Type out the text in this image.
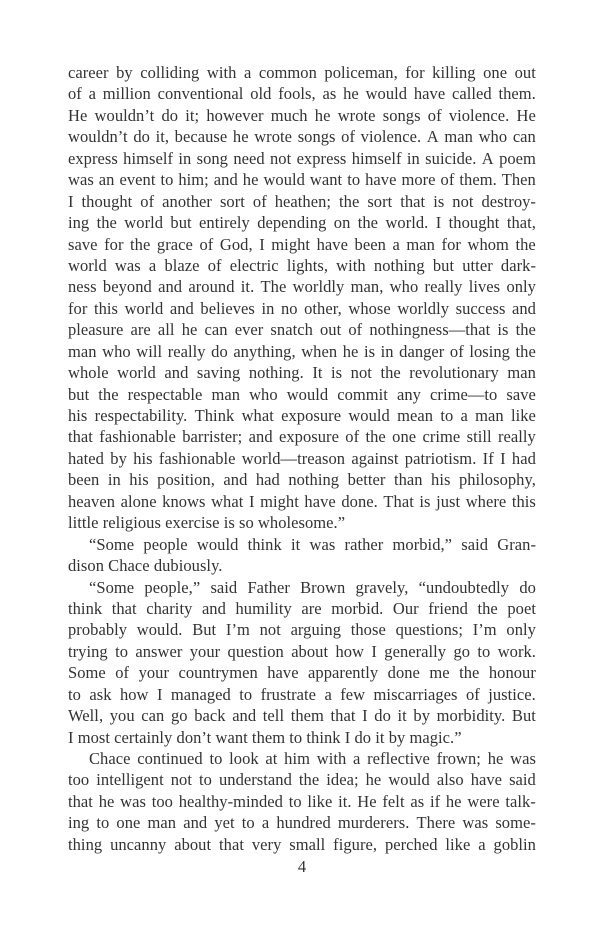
career by colliding with a common policeman, for killing one out
of a million conventional old fools, as he would have called them.
He wouldn’t do it; however much he wrote songs of violence. He
wouldn’t do it, because he wrote songs of violence. A man who can
express himself in song need not express himself in suicide. A poem
was an event to him; and he would want to have more of them. Then
I thought of another sort of heathen; the sort that is not destroy-
ing the world but entirely depending on the world. I thought that,
save for the grace of God, I might have been a man for whom the
world was a blaze of electric lights, with nothing but utter dark-
ness beyond and around it. The worldly man, who really lives only
for this world and believes in no other, whose worldly success and
pleasure are all he can ever snatch out of nothingness—that is the
man who will really do anything, when he is in danger of losing the
whole world and saving nothing. It is not the revolutionary man
but the respectable man who would commit any crime—to save
his respectability. Think what exposure would mean to a man like
that fashionable barrister; and exposure of the one crime still really
hated by his fashionable world—treason against patriotism. If I had
been in his position, and had nothing better than his philosophy,
heaven alone knows what I might have done. That is just where this
little religious exercise is so wholesome.”
“Some people would think it was rather morbid,” said Gran-
dison Chace dubiously.
“Some people,” said Father Brown gravely, “undoubtedly do
think that charity and humility are morbid. Our friend the poet
probably would. But I’m not arguing those questions; I’m only
trying to answer your question about how I generally go to work.
Some of your countrymen have apparently done me the honour
to ask how I managed to frustrate a few miscarriages of justice.
Well, you can go back and tell them that I do it by morbidity. But
I most certainly don’t want them to think I do it by magic.”
Chace continued to look at him with a reflective frown; he was
too intelligent not to understand the idea; he would also have said
that he was too healthy-minded to like it. He felt as if he were talk-
ing to one man and yet to a hundred murderers. There was some-
thing uncanny about that very small figure, perched like a goblin
4
